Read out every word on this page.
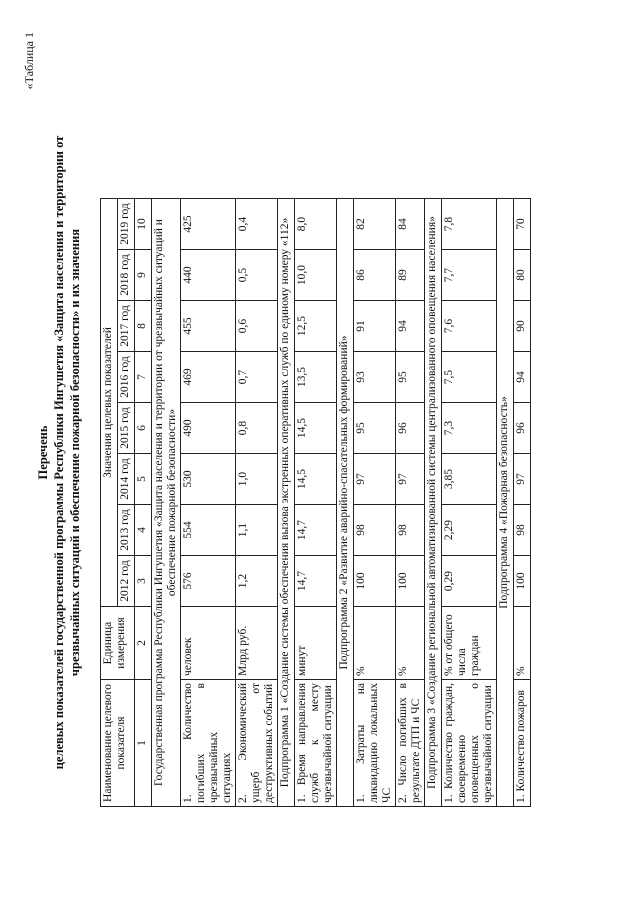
«Таблица 1
Перечень целевых показателей государственной программы Республики Ингушетия «Защита населения и территории от чрезвычайных ситуаций и обеспечение пожарной безопасности» и их значения
Наименование целевого показателя	Единица измерения	Значения целевых показателей							
		2012 год	2013 год	2014 год	2015 год	2016 год	2017 год	2018 год	2019 год
1	2	3	4	5	6	7	8	9	10
Государственная программа Республики Ингушетия «Защита населения и территории от чрезвычайных ситуаций и обеспечение пожарной безопасности»									
1. Количество погибших в чрезвычайных ситуациях	человек	576	554	530	490	469	455	440	425
2. Экономический ущерб от деструктивных событий	Млрд руб.	1,2	1,1	1,0	0,8	0,7	0,6	0,5	0,4
Подпрограмма 1 «Создание системы обеспечения вызова экстренных оперативных служб по единому номеру «112»									
1. Время направления служб к месту чрезвычайной ситуации	минут	14,7	14,7	14,5	14,5	13,5	12,5	10,0	8,0
Подпрограмма 2 «Развитие аварийно-спасательных формирований»									
1. Затраты на ликвидацию локальных ЧС	%	100	98	97	95	93	91	86	82
2. Число погибших в результате ДТП и ЧС	%	100	98	97	96	95	94	89	84
Подпрограмма 3 «Создание региональной автоматизированной системы централизованного оповещения населения»									
1. Количество граждан, своевременно оповещенных о чрезвычайной ситуации	% от общего числа граждан	0,29	2,29	3,85	7,3	7,5	7,6	7,7	7,8
Подпрограмма 4 «Пожарная безопасность»									
1. Количество пожаров	%	100	98	97	96	94	90	80	70
